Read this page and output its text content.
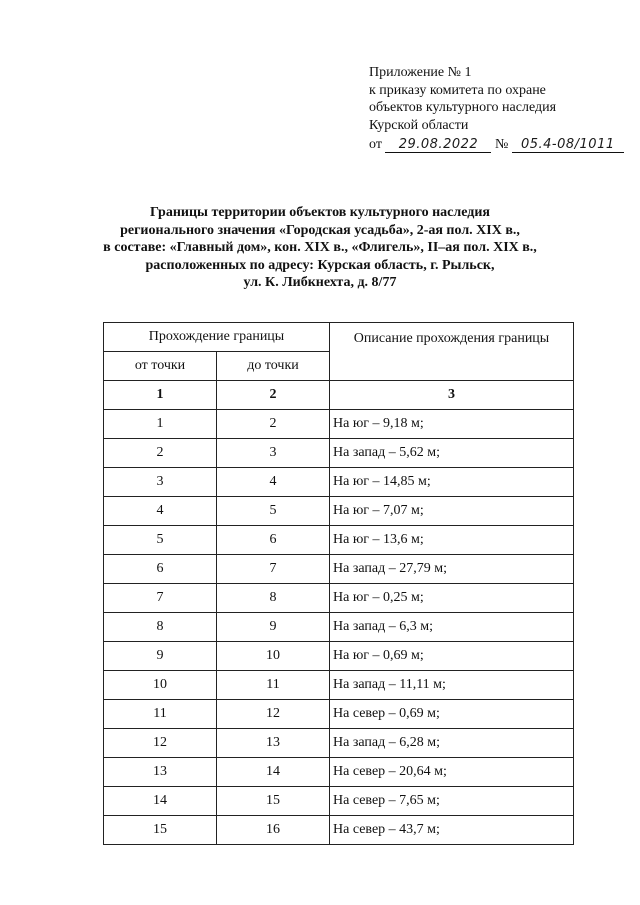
Приложение № 1
к приказу комитета по охране
объектов культурного наследия
Курской области
от 29.08.2022 № 05.4-08/1011
Границы территории объектов культурного наследия
регионального значения «Городская усадьба», 2-ая пол. XIX в.,
в составе: «Главный дом», кон. XIX в., «Флигель», II–ая пол. XIX в.,
расположенных по адресу: Курская область, г. Рыльск,
ул. К. Либкнехта, д. 8/77
Прохождение границы		Описание прохождения границы
от точки	до точки	
1	2	3
1	2	На юг – 9,18 м;
2	3	На запад – 5,62 м;
3	4	На юг – 14,85 м;
4	5	На юг – 7,07 м;
5	6	На юг – 13,6 м;
6	7	На запад – 27,79 м;
7	8	На юг – 0,25 м;
8	9	На запад – 6,3 м;
9	10	На юг – 0,69 м;
10	11	На запад – 11,11 м;
11	12	На север – 0,69 м;
12	13	На запад – 6,28 м;
13	14	На север – 20,64 м;
14	15	На север – 7,65 м;
15	16	На север – 43,7 м;
